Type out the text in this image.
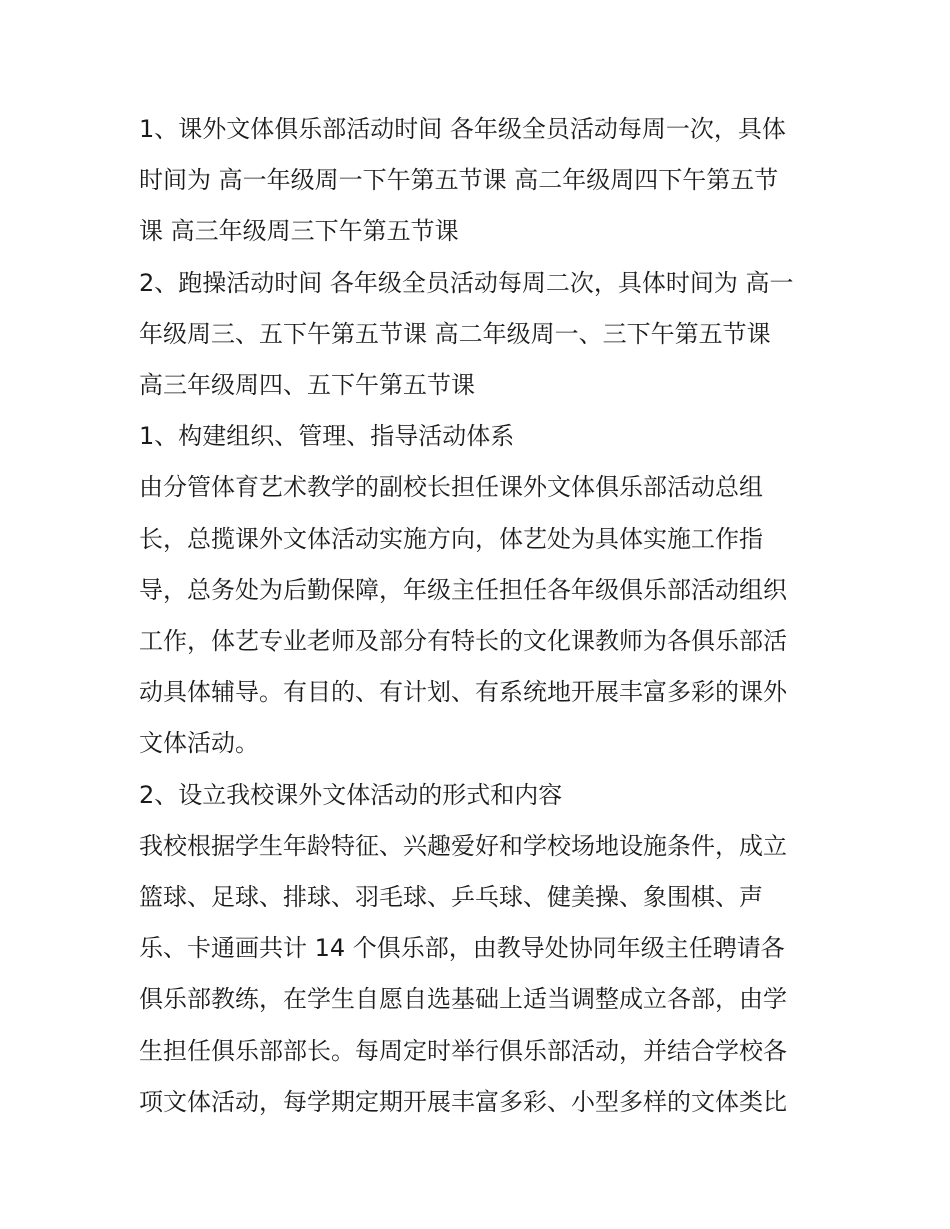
1、课外文体俱乐部活动时间 各年级全员活动每周一次，具体
时间为 高一年级周一下午第五节课 高二年级周四下午第五节
课 高三年级周三下午第五节课
2、跑操活动时间 各年级全员活动每周二次，具体时间为 高一
年级周三、五下午第五节课 高二年级周一、三下午第五节课
高三年级周四、五下午第五节课
1、构建组织、管理、指导活动体系
由分管体育艺术教学的副校长担任课外文体俱乐部活动总组
长，总揽课外文体活动实施方向，体艺处为具体实施工作指
导，总务处为后勤保障，年级主任担任各年级俱乐部活动组织
工作，体艺专业老师及部分有特长的文化课教师为各俱乐部活
动具体辅导。有目的、有计划、有系统地开展丰富多彩的课外
文体活动。
2、设立我校课外文体活动的形式和内容
我校根据学生年龄特征、兴趣爱好和学校场地设施条件，成立
篮球、足球、排球、羽毛球、乒乓球、健美操、象围棋、声
乐、卡通画共计 14 个俱乐部，由教导处协同年级主任聘请各
俱乐部教练，在学生自愿自选基础上适当调整成立各部，由学
生担任俱乐部部长。每周定时举行俱乐部活动，并结合学校各
项文体活动，每学期定期开展丰富多彩、小型多样的文体类比
